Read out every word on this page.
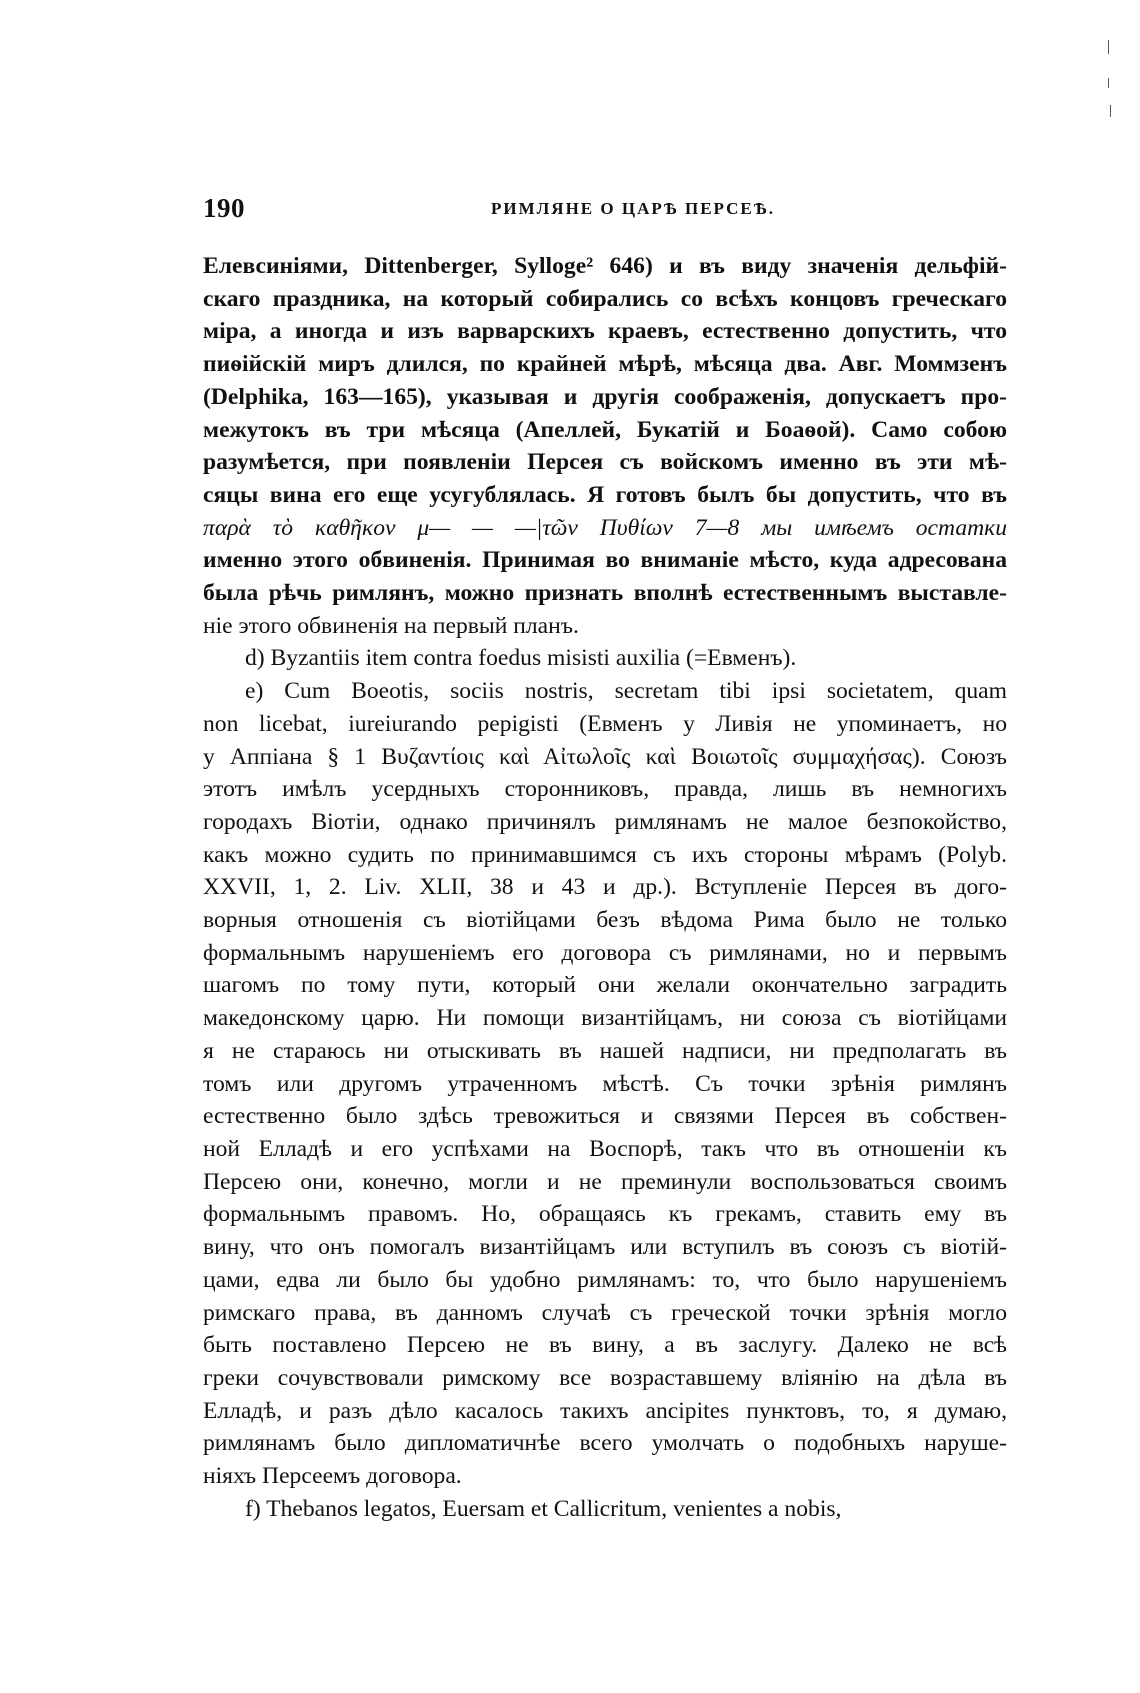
190	РИМЛЯНЕ О ЦАРѢ ПЕРСЕѢ.
Елевсиніями, Dittenberger, Sylloge² 646) и въ виду значенія дельфій-
скаго праздника, на который собирались со всѣхъ концовъ греческаго
міра, а иногда и изъ варварскихъ краевъ, естественно допустить, что
пиѳійскій миръ длился, по крайней мѣрѣ, мѣсяца два. Авг. Моммзенъ
(Delphika, 163—165), указывая и другія соображенія, допускаетъ про-
межутокъ въ три мѣсяца (Апеллей, Букатій и Боаѳой). Само собою
разумѣется, при появленіи Персея съ войскомъ именно въ эти мѣ-
сяцы вина его еще усугублялась. Я готовъ былъ бы допустить, что въ
παρὰ τὸ καθῆκον μ— — —|τῶν Πυθίων 7—8 мы имѣемъ остатки
именно этого обвиненія. Принимая во вниманіе мѣсто, куда адресована
была рѣчь римлянъ, можно признать вполнѣ естественнымъ выставле-
ніе этого обвиненія на первый планъ.
d) Byzantiis item contra foedus misisti auxilia (=Евменъ).
e) Cum Boeotis, sociis nostris, secretam tibi ipsi societatem, quam
non licebat, iureiurando pepigisti (Евменъ у Ливія не упоминаетъ, но
у Аппіана § 1 Βυζαντίοις καὶ Αἰτωλοῖς καὶ Βοιωτοῖς συμμαχήσας). Союзъ
этотъ имѣлъ усердныхъ сторонниковъ, правда, лишь въ немногихъ
городахъ Віотіи, однако причинялъ римлянамъ не малое безпокойство,
какъ можно судить по принимавшимся съ ихъ стороны мѣрамъ (Polyb.
XXVII, 1, 2. Liv. XLII, 38 и 43 и др.). Вступленіе Персея въ дого-
ворныя отношенія съ віотійцами безъ вѣдома Рима было не только
формальнымъ нарушеніемъ его договора съ римлянами, но и первымъ
шагомъ по тому пути, который они желали окончательно заградить
македонскому царю. Ни помощи византійцамъ, ни союза съ віотійцами
я не стараюсь ни отыскивать въ нашей надписи, ни предполагать въ
томъ или другомъ утраченномъ мѣстѣ. Съ точки зрѣнія римлянъ
естественно было здѣсь тревожиться и связями Персея въ собствен-
ной Елладѣ и его успѣхами на Воспорѣ, такъ что въ отношеніи къ
Персею они, конечно, могли и не преминули воспользоваться своимъ
формальнымъ правомъ. Но, обращаясь къ грекамъ, ставить ему въ
вину, что онъ помогалъ византійцамъ или вступилъ въ союзъ съ віотій-
цами, едва ли было бы удобно римлянамъ: то, что было нарушеніемъ
римскаго права, въ данномъ случаѣ съ греческой точки зрѣнія могло
быть поставлено Персею не въ вину, а въ заслугу. Далеко не всѣ
греки сочувствовали римскому все возраставшему вліянію на дѣла въ
Елладѣ, и разъ дѣло касалось такихъ ancipites пунктовъ, то, я думаю,
римлянамъ было дипломатичнѣе всего умолчать о подобныхъ наруше-
ніяхъ Персеемъ договора.
f) Thebanos legatos, Euersam et Callicritum, venientes a nobis,
